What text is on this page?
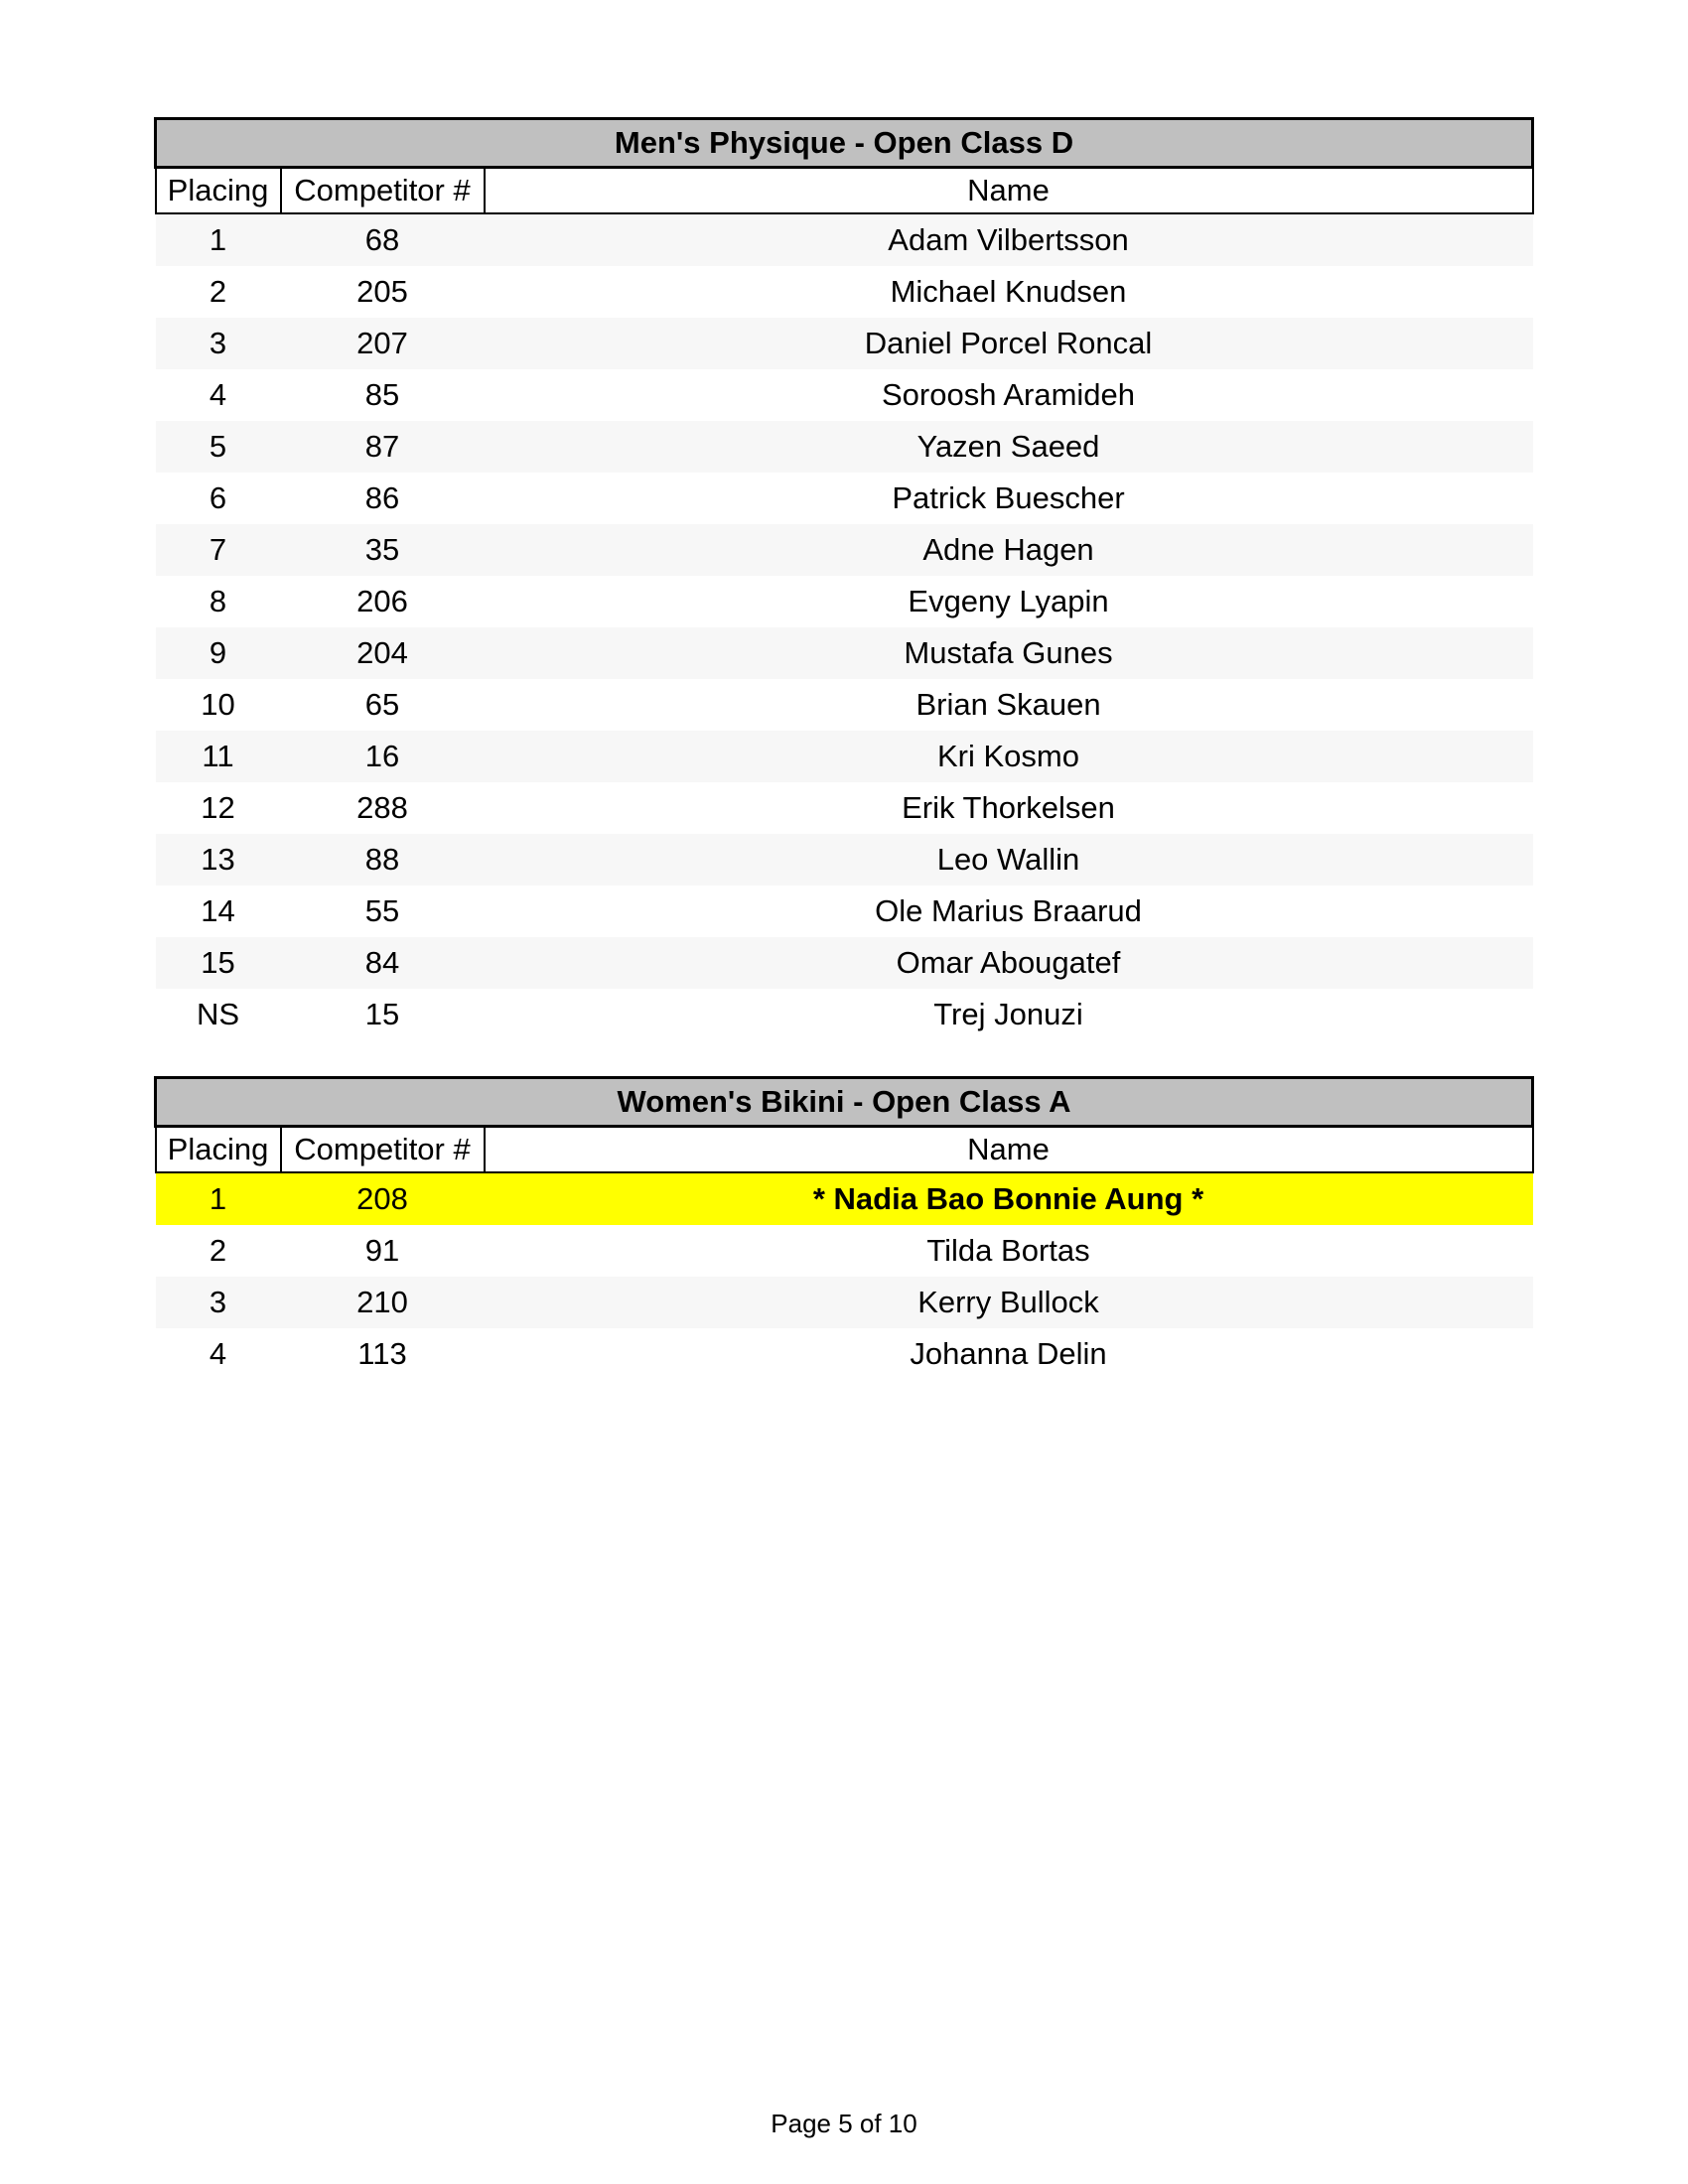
Men's Physique - Open Class D		
Placing	Competitor #	Name
1	68	Adam Vilbertsson
2	205	Michael Knudsen
3	207	Daniel Porcel Roncal
4	85	Soroosh Aramideh
5	87	Yazen Saeed
6	86	Patrick Buescher
7	35	Adne Hagen
8	206	Evgeny Lyapin
9	204	Mustafa Gunes
10	65	Brian Skauen
11	16	Kri Kosmo
12	288	Erik Thorkelsen
13	88	Leo Wallin
14	55	Ole Marius Braarud
15	84	Omar Abougatef
NS	15	Trej Jonuzi
Women's Bikini - Open Class A		
Placing	Competitor #	Name
1	208	* Nadia Bao Bonnie Aung *
2	91	Tilda Bortas
3	210	Kerry Bullock
4	113	Johanna Delin
Page 5 of 10
